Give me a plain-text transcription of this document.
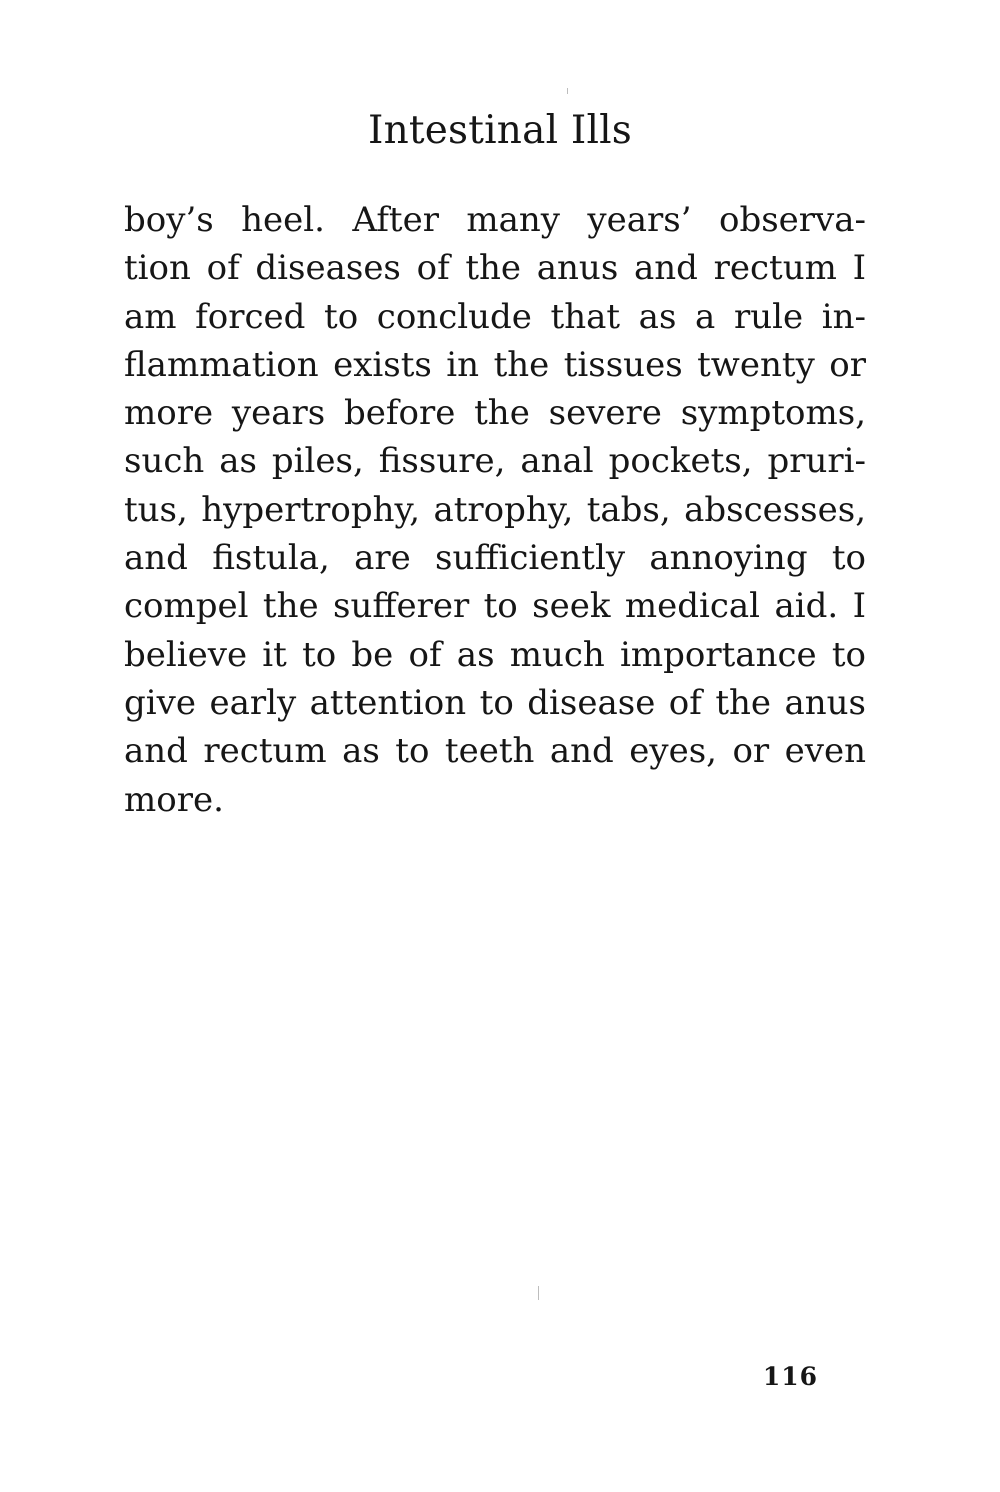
Intestinal Ills
boy’s heel. After many years’ observa-
tion of diseases of the anus and rectum I
am forced to conclude that as a rule in-
flammation exists in the tissues twenty or
more years before the severe symptoms,
such as piles, fissure, anal pockets, pruri-
tus, hypertrophy, atrophy, tabs, abscesses,
and fistula, are sufficiently annoying to
compel the sufferer to seek medical aid. I
believe it to be of as much importance to
give early attention to disease of the anus
and rectum as to teeth and eyes, or even
more.
116
